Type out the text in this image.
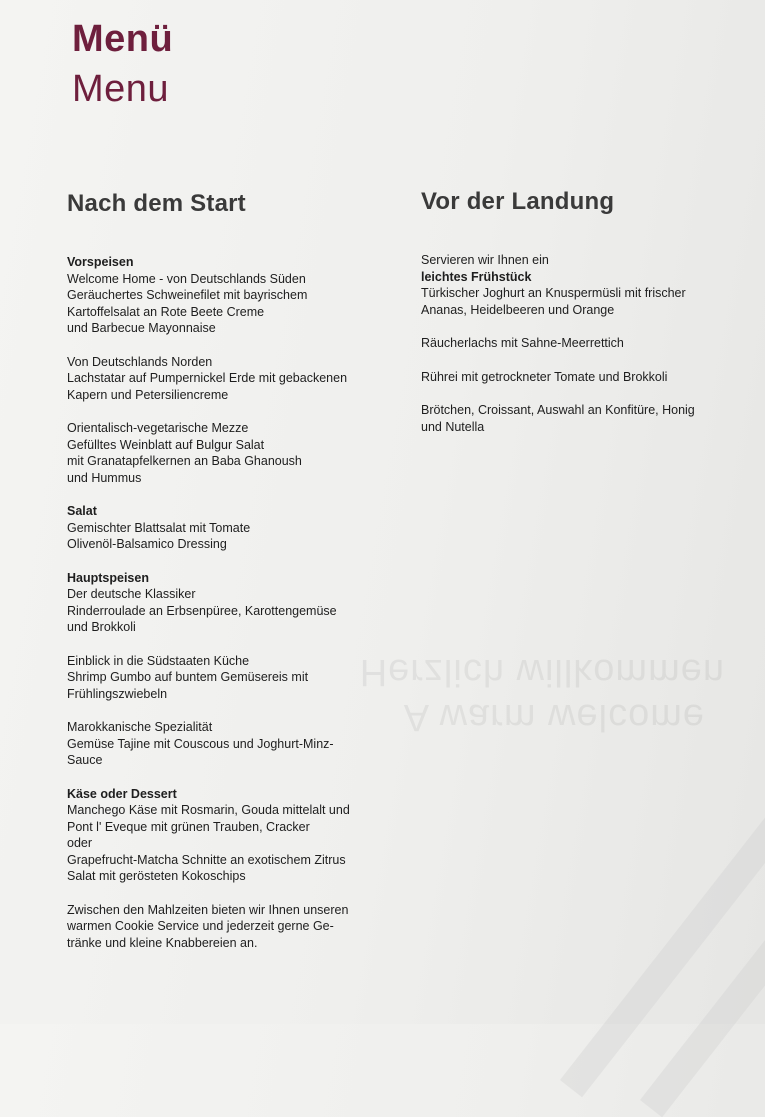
Herzlich willkommen
A warm welcome
Menü
Menu
Nach dem Start
Vorspeisen
Welcome Home - von Deutschlands Süden
Geräuchertes Schweinefilet mit bayrischem
Kartoffelsalat an Rote Beete Creme
und Barbecue Mayonnaise
Von Deutschlands Norden
Lachstatar auf Pumpernickel Erde mit gebackenen
Kapern und Petersiliencreme
Orientalisch-vegetarische Mezze
Gefülltes Weinblatt auf Bulgur Salat
mit Granatapfelkernen an Baba Ghanoush
und Hummus
Salat
Gemischter Blattsalat mit Tomate
Olivenöl-Balsamico Dressing
Hauptspeisen
Der deutsche Klassiker
Rinderroulade an Erbsenpüree, Karottengemüse
und Brokkoli
Einblick in die Südstaaten Küche
Shrimp Gumbo auf buntem Gemüsereis mit
Frühlingszwiebeln
Marokkanische Spezialität
Gemüse Tajine mit Couscous und Joghurt-Minz-
Sauce
Käse oder Dessert
Manchego Käse mit Rosmarin, Gouda mittelalt und
Pont l' Eveque mit grünen Trauben, Cracker
oder
Grapefrucht-Matcha Schnitte an exotischem Zitrus
Salat mit gerösteten Kokoschips
Zwischen den Mahlzeiten bieten wir Ihnen unseren
warmen Cookie Service und jederzeit gerne Ge-
tränke und kleine Knabbereien an.
Vor der Landung
Servieren wir Ihnen ein
leichtes Frühstück
Türkischer Joghurt an Knuspermüsli mit frischer
Ananas, Heidelbeeren und Orange
Räucherlachs mit Sahne-Meerrettich
Rührei mit getrockneter Tomate und Brokkoli
Brötchen, Croissant, Auswahl an Konfitüre, Honig
und Nutella
